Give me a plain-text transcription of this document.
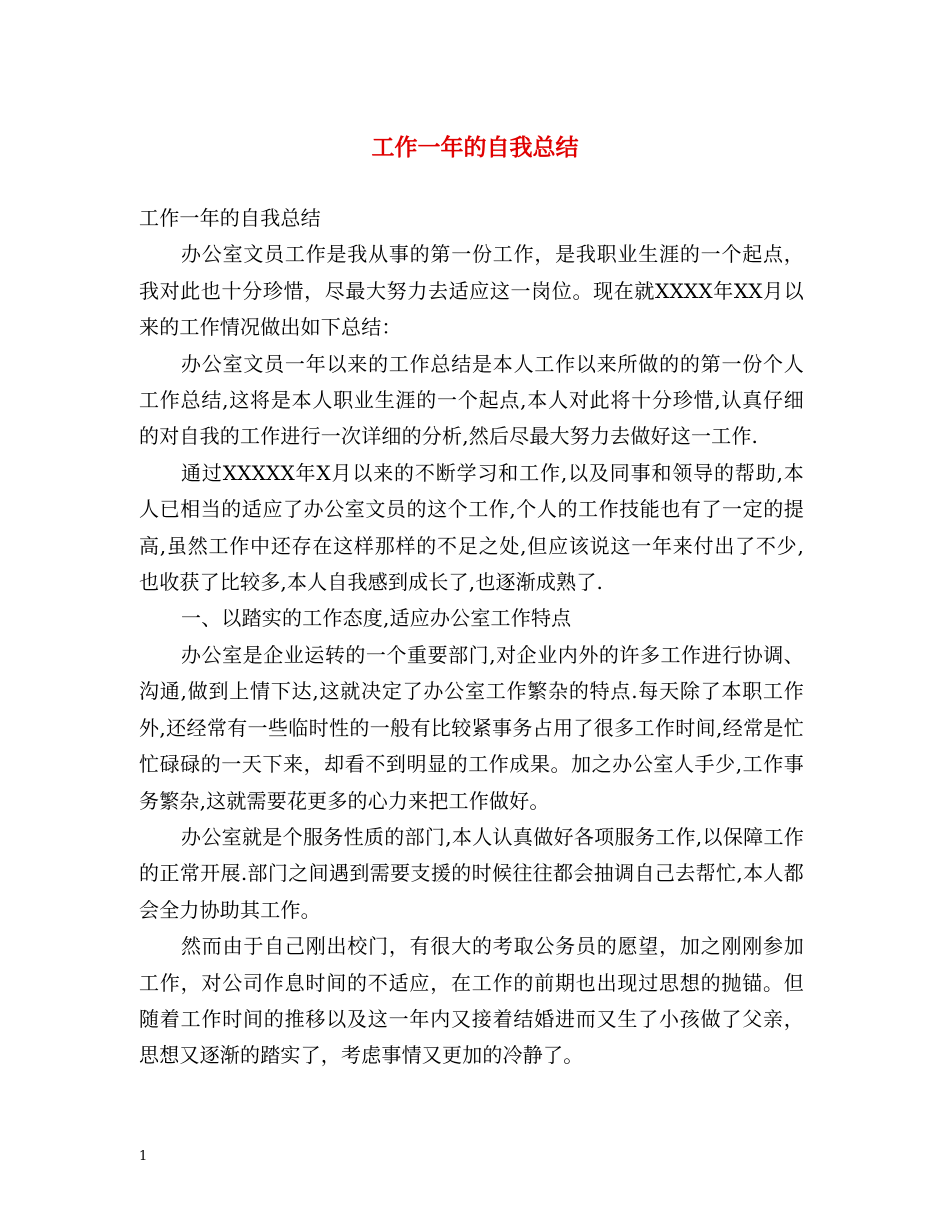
工作一年的自我总结

工作一年的自我总结

办公室文员工作是我从事的第一份工作，是我职业生涯的一个起点，我对此也十分珍惜，尽最大努力去适应这一岗位。现在就XXXX年XX月以来的工作情况做出如下总结：

办公室文员一年以来的工作总结是本人工作以来所做的的第一份个人工作总结,这将是本人职业生涯的一个起点,本人对此将十分珍惜,认真仔细的对自我的工作进行一次详细的分析,然后尽最大努力去做好这一工作.

通过XXXXX年X月以来的不断学习和工作,以及同事和领导的帮助,本人已相当的适应了办公室文员的这个工作,个人的工作技能也有了一定的提高,虽然工作中还存在这样那样的不足之处,但应该说这一年来付出了不少,也收获了比较多,本人自我感到成长了,也逐渐成熟了.

一、以踏实的工作态度,适应办公室工作特点

办公室是企业运转的一个重要部门,对企业内外的许多工作进行协调、沟通,做到上情下达,这就决定了办公室工作繁杂的特点.每天除了本职工作外,还经常有一些临时性的一般有比较紧事务占用了很多工作时间,经常是忙忙碌碌的一天下来，却看不到明显的工作成果。加之办公室人手少,工作事务繁杂,这就需要花更多的心力来把工作做好。

办公室就是个服务性质的部门,本人认真做好各项服务工作,以保障工作的正常开展.部门之间遇到需要支援的时候往往都会抽调自己去帮忙,本人都会全力协助其工作。

然而由于自己刚出校门，有很大的考取公务员的愿望，加之刚刚参加工作，对公司作息时间的不适应，在工作的前期也出现过思想的抛锚。但随着工作时间的推移以及这一年内又接着结婚进而又生了小孩做了父亲，思想又逐渐的踏实了，考虑事情又更加的冷静了。

1
